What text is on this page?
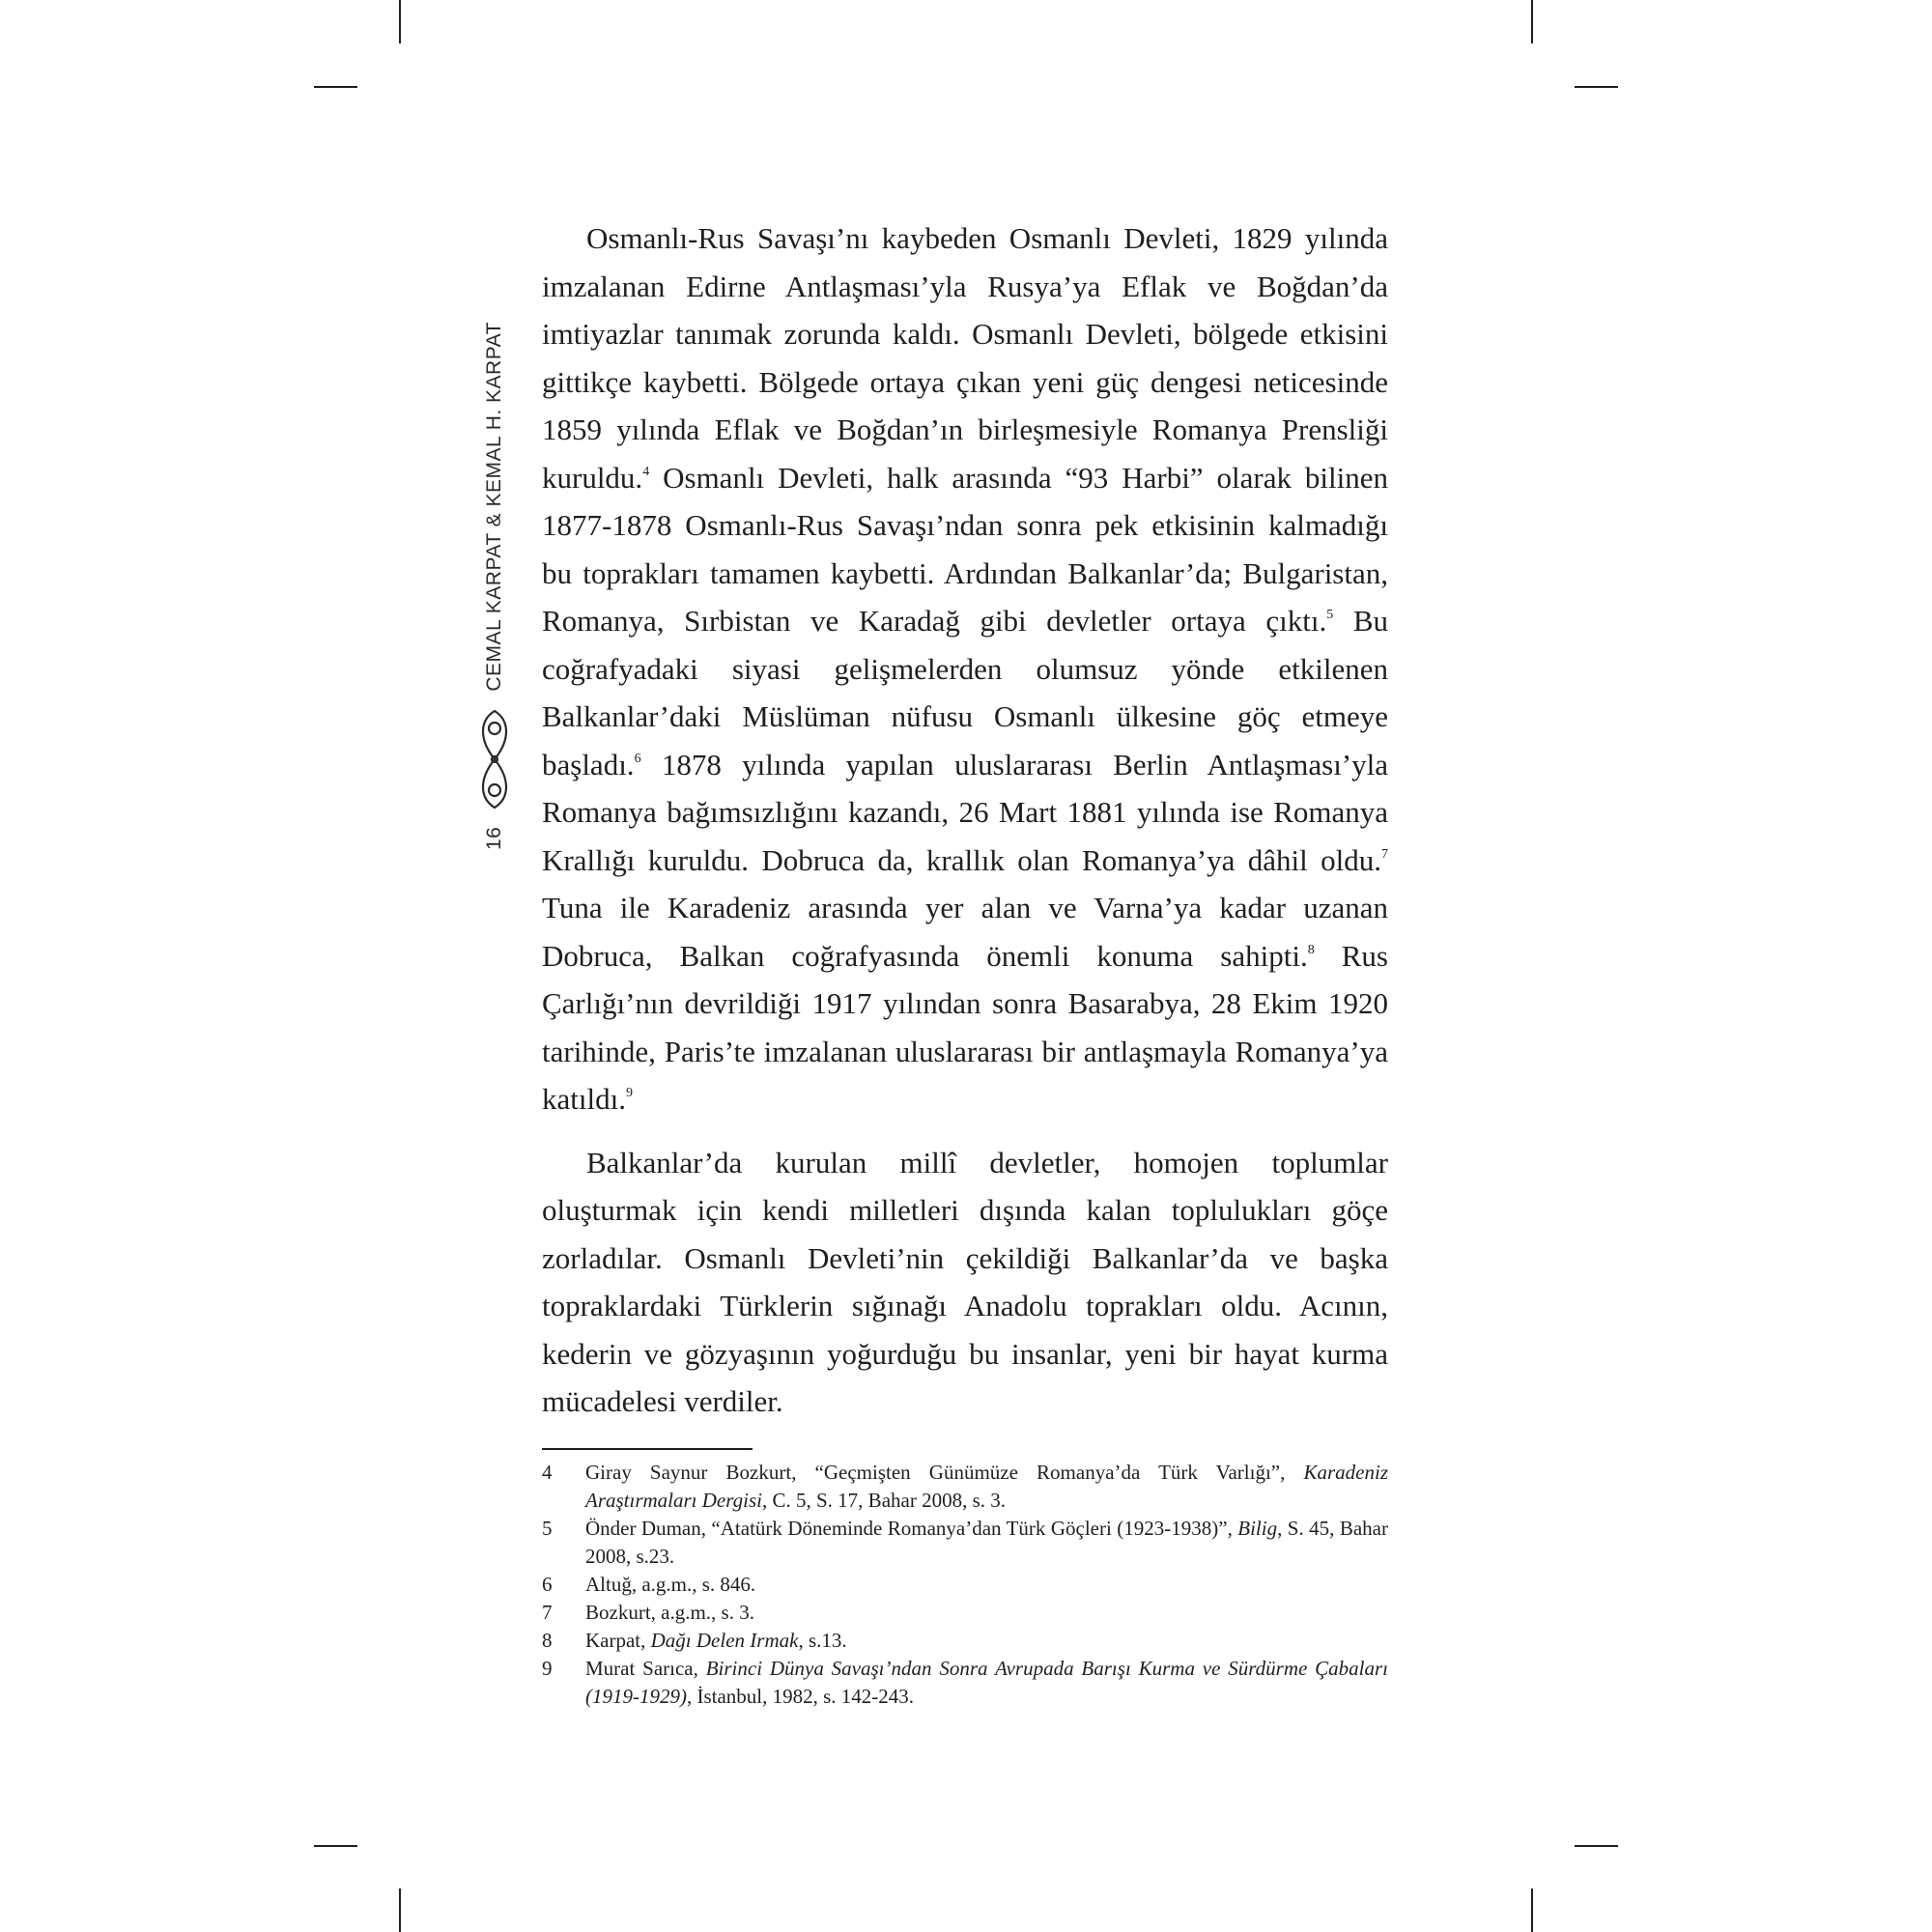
CEMAL KARPAT & KEMAL H. KARPAT
16

Osmanlı-Rus Savaşı’nı kaybeden Osmanlı Devleti, 1829 yılında imzalanan Edirne Antlaşması’yla Rusya’ya Eflak ve Boğdan’da imtiyazlar tanımak zorunda kaldı. Osmanlı Devleti, bölgede etkisini gittikçe kaybetti. Bölgede ortaya çıkan yeni güç dengesi neticesinde 1859 yılında Eflak ve Boğdan’ın birleşmesiyle Romanya Prensliği kuruldu.$^4$ Osmanlı Devleti, halk arasında “93 Harbi” olarak bilinen 1877-1878 Osmanlı-Rus Savaşı’ndan sonra pek etkisinin kalmadığı bu toprakları tamamen kaybetti. Ardından Balkanlar’da; Bulgaristan, Romanya, Sırbistan ve Karadağ gibi devletler ortaya çıktı.$^5$ Bu coğrafyadaki siyasi gelişmelerden olumsuz yönde etkilenen Balkanlar’daki Müslüman nüfusu Osmanlı ülkesine göç etmeye başladı.$^6$ 1878 yılında yapılan uluslararası Berlin Antlaşması’yla Romanya bağımsızlığını kazandı, 26 Mart 1881 yılında ise Romanya Krallığı kuruldu. Dobruca da, krallık olan Romanya’ya dâhil oldu.$^7$ Tuna ile Karadeniz arasında yer alan ve Varna’ya kadar uzanan Dobruca, Balkan coğrafyasında önemli konuma sahipti.$^8$ Rus Çarlığı’nın devrildiği 1917 yılından sonra Basarabya, 28 Ekim 1920 tarihinde, Paris’te imzalanan uluslararası bir antlaşmayla Romanya’ya katıldı.$^9$

Balkanlar’da kurulan millî devletler, homojen toplumlar oluşturmak için kendi milletleri dışında kalan toplulukları göçe zorladılar. Osmanlı Devleti’nin çekildiği Balkanlar’da ve başka topraklardaki Türklerin sığınağı Anadolu toprakları oldu. Acının, kederin ve gözyaşının yoğurduğu bu insanlar, yeni bir hayat kurma mücadelesi verdiler.

4	Giray Saynur Bozkurt, “Geçmişten Günümüze Romanya’da Türk Varlığı”, Karadeniz Araştırmaları Dergisi, C. 5, S. 17, Bahar 2008, s. 3.
5	Önder Duman, “Atatürk Döneminde Romanya’dan Türk Göçleri (1923-1938)”, Bilig, S. 45, Bahar 2008, s.23.
6	Altuğ, a.g.m., s. 846.
7	Bozkurt, a.g.m., s. 3.
8	Karpat, Dağı Delen Irmak, s.13.
9	Murat Sarıca, Birinci Dünya Savaşı’ndan Sonra Avrupada Barışı Kurma ve Sürdürme Çabaları (1919-1929), İstanbul, 1982, s. 142-243.
